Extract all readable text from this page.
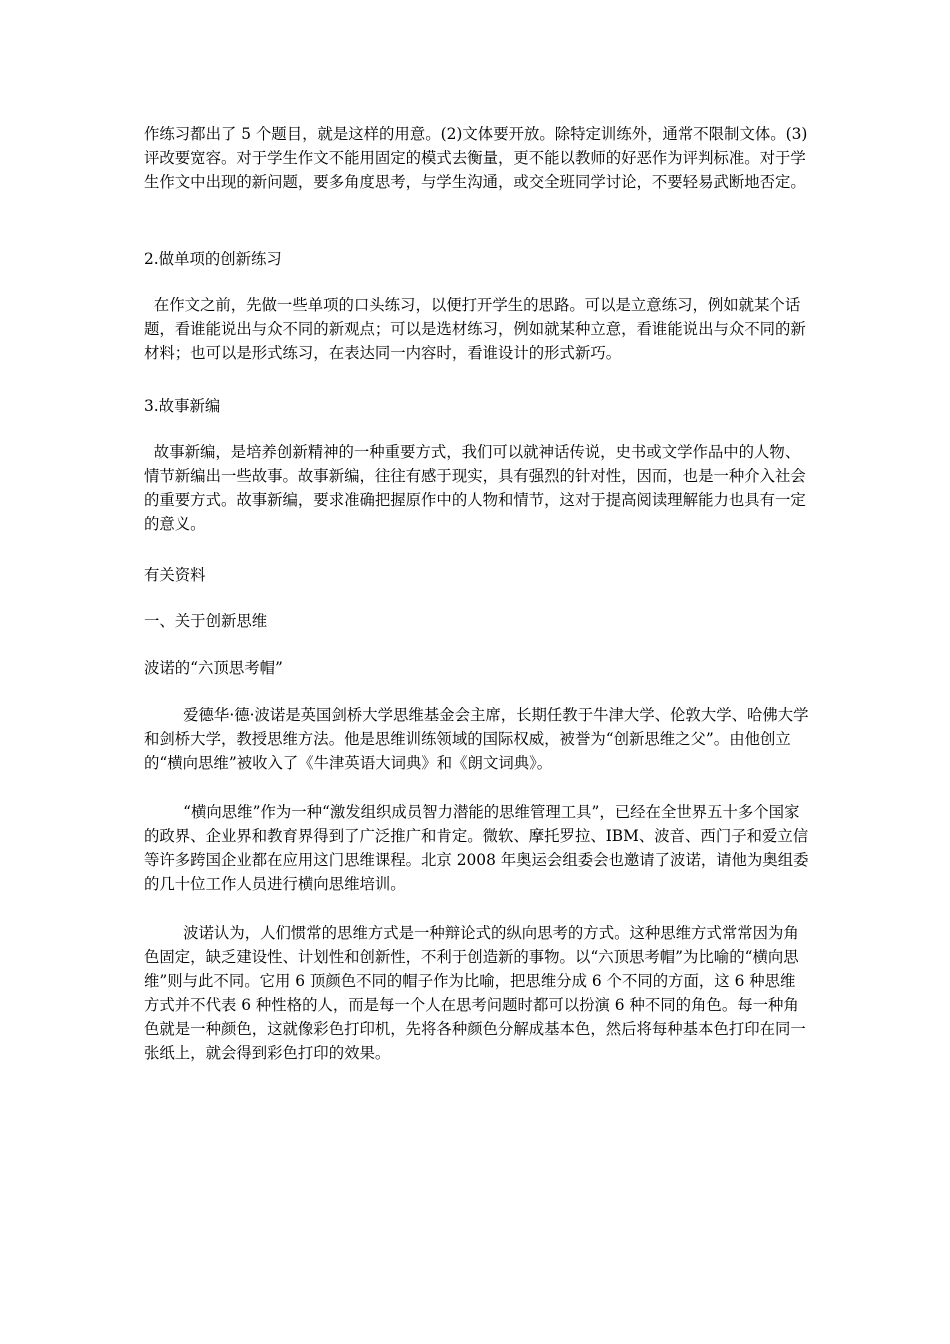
作练习都出了 5 个题目，就是这样的用意。(2)文体要开放。除特定训练外，通常不限制文体。(3)评改要宽容。对于学生作文不能用固定的模式去衡量，更不能以教师的好恶作为评判标准。对于学生作文中出现的新问题，要多角度思考，与学生沟通，或交全班同学讨论，不要轻易武断地否定。
2.做单项的创新练习
在作文之前，先做一些单项的口头练习，以便打开学生的思路。可以是立意练习，例如就某个话题，看谁能说出与众不同的新观点；可以是选材练习，例如就某种立意，看谁能说出与众不同的新材料；也可以是形式练习，在表达同一内容时，看谁设计的形式新巧。
3.故事新编
故事新编，是培养创新精神的一种重要方式，我们可以就神话传说，史书或文学作品中的人物、情节新编出一些故事。故事新编，往往有感于现实，具有强烈的针对性，因而，也是一种介入社会的重要方式。故事新编，要求准确把握原作中的人物和情节，这对于提高阅读理解能力也具有一定的意义。
有关资料
一、关于创新思维
波诺的“六顶思考帽”
爱德华·德·波诺是英国剑桥大学思维基金会主席，长期任教于牛津大学、伦敦大学、哈佛大学和剑桥大学，教授思维方法。他是思维训练领域的国际权威，被誉为“创新思维之父”。由他创立的“横向思维”被收入了《牛津英语大词典》和《朗文词典》。
“横向思维”作为一种“激发组织成员智力潜能的思维管理工具”，已经在全世界五十多个国家的政界、企业界和教育界得到了广泛推广和肯定。微软、摩托罗拉、IBM、波音、西门子和爱立信等许多跨国企业都在应用这门思维课程。北京 2008 年奥运会组委会也邀请了波诺，请他为奥组委的几十位工作人员进行横向思维培训。
波诺认为，人们惯常的思维方式是一种辩论式的纵向思考的方式。这种思维方式常常因为角色固定，缺乏建设性、计划性和创新性，不利于创造新的事物。以“六顶思考帽”为比喻的“横向思维”则与此不同。它用 6 顶颜色不同的帽子作为比喻，把思维分成 6 个不同的方面，这 6 种思维方式并不代表 6 种性格的人，而是每一个人在思考问题时都可以扮演 6 种不同的角色。每一种角色就是一种颜色，这就像彩色打印机，先将各种颜色分解成基本色，然后将每种基本色打印在同一张纸上，就会得到彩色打印的效果。
